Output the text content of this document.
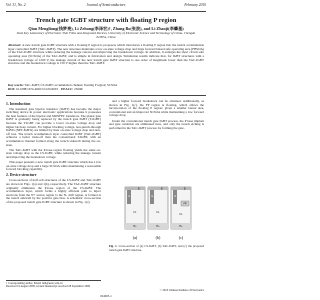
Vol. 31, No. 2	Journal of Semiconductors	February 2010
Trench gate IGBT structure with floating P region
Qian Mengliang(钱梦亮), Li Zehong(李泽宏)†, Zhang Bo(张波), and Li Zhaoji(李肇基)
State Key Laboratory of Electronic Thin Films and Integrated Devices, University of Electronic Science and Technology of China, Chengdu 610054, China
Abstract: A new trench gate IGBT structure with a floating P region is proposed, which introduces a floating P region into the trench accumulation layer controlled IGBT (TAC-IGBT). The new structure maintains a low on-state voltage drop and large forward biased safe operating area (FBSOA) of the TAC-IGBT structure while reducing the leakage current and improving the breakdown voltage. In addition, it enlarges the short circuit safe operating area (SCSOA) of the TAC-IGBT, and is simple in fabrication and design. Simulation results indicate that, for IGBT structures with a breakdown voltage of 1200 V, the leakage current of the new trench gate IGBT structure is one order of magnitude lower than the TAC-IGBT structure and the breakdown voltage is 150 V higher than the TAC-IGBT.
Key words: TAC-IGBT; CS-IGBT; accumulation channel; floating P region; SCSOA
DOI: 10.1088/1674-4926/31/2/024003 EEACC: 2560R
1. Introduction

The insulated gate bipolar transistor (IGBT) has become the major switching device in power electronic applications because it possesses the best features of the bipolar and MOSFET transistors. The planar gate IGBT is gradually being replaced by the trench gate IGBT (T-IGBT) because the T-IGBT can provide a lower on-state voltage drop and higher latch-up current. For higher blocking voltage, non-punch-through IGBTs (NPT-IGBTs) are limited by their on-state voltage drop and turn-off loss. The trench accumulation layer controlled IGBT (TAC-IGBT) achieves a better trade-off than the conventional T-IGBT, with an accumulation channel formed along the trench sidewall during the on-state.

The TAC-IGBT with the P-base region floating yields the same on-state voltage drop as the CS-IGBT, while reducing the leakage current and improving the breakdown voltage.

This paper presents a new trench gate IGBT structure which has a low on-state voltage drop and a large SCSOA while maintaining a reasonable forward blocking capability.

2. Device structure

Cross-sections of half-cell structures of the CS-IGBT and TAC-IGBT are shown in Figs. 1(a) and 1(b), respectively. The TAC-IGBT structure originally eliminates the P-base region of the CS-IGBT. The accumulation layer, which forms a highly efficient path to inject electrons from the N+ source region to the N- drift region, is formed at the trench sidewall by the positive gate bias. A schematic cross-section of the proposed trench gate IGBT structure is shown in Fig. 1(c).

and a higher forward breakdown can be obtained. Additionally, as shown in Fig. 1(c), the FP region is floating, which allows the incorporation of the floating P region; given a smaller lateral size, conventional and an improved SCSOA while maintaining a low forward voltage drop.

Under the conventional trench gate IGBT process, the P base implant and gate oxidation are eliminated here, and only the trench etching is performed in the TAC-IGBT process for forming the gate.

(a)
G
E
N-
P+
(b)
G
E
N-
P+
(c)
G
E
FP
N-
P+
Fig. 1. Cross-section of (a) CS-IGBT, (b) TAC-IGBT, and (c) the proposed trench gate IGBT structure.

† Corresponding author. Email: lizh@uestc.edu.cn

Received 19 August 2009, revised manuscript received 28 September 2009

© 2010 Chinese Institute of Electronics
024003-1
